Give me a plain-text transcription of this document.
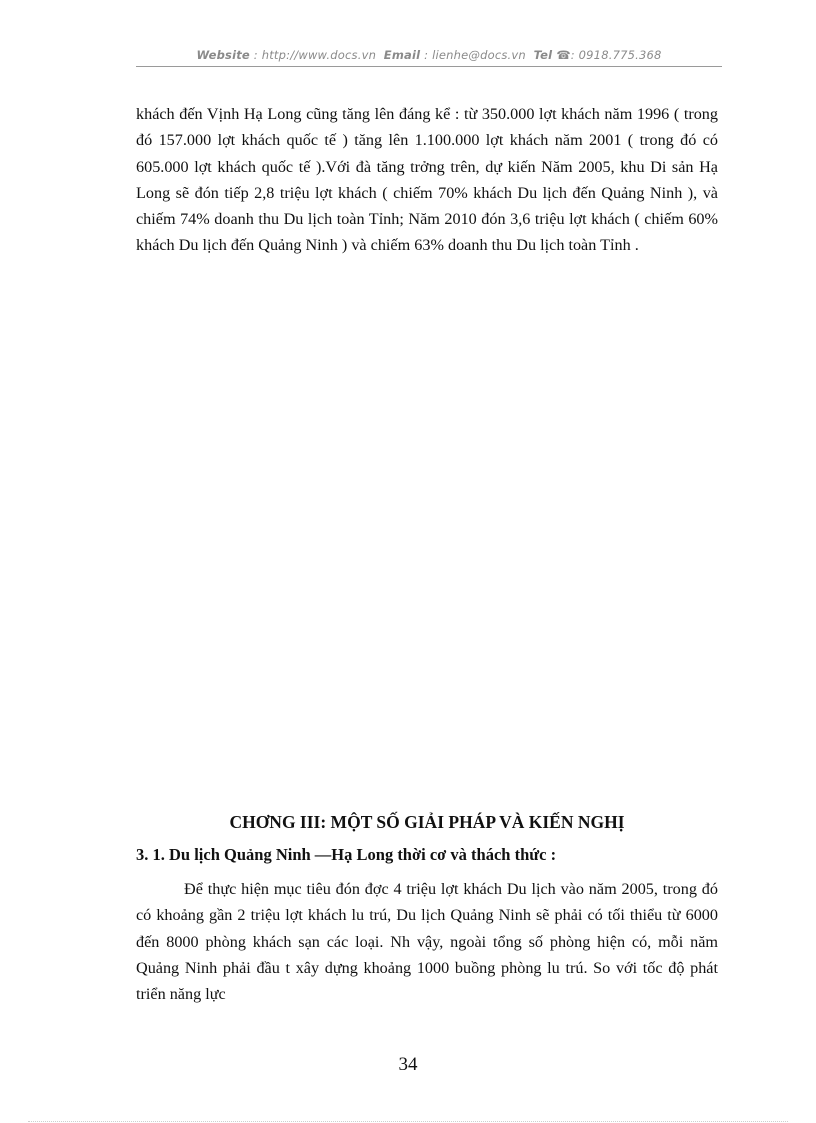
Website : http://www.docs.vn Email : lienhe@docs.vn Tel ☎: 0918.775.368

khách đến Vịnh Hạ Long cũng tăng lên đáng kể : từ 350.000 lợt khách năm 1996 ( trong đó 157.000 lợt khách quốc tế ) tăng lên 1.100.000 lợt khách năm 2001 ( trong đó có 605.000 lợt khách quốc tế ).Với đà tăng trởng trên, dự kiến Năm 2005, khu Di sản Hạ Long sẽ đón tiếp 2,8 triệu lợt khách ( chiếm 70% khách Du lịch đến Quảng Ninh ), và chiếm 74% doanh thu Du lịch toàn Tỉnh; Năm 2010 đón 3,6 triệu lợt khách ( chiếm 60% khách Du lịch đến Quảng Ninh ) và chiếm 63% doanh thu Du lịch toàn Tỉnh .

CHƠNG III: MỘT SỐ GIẢI PHÁP VÀ KIẾN NGHỊ
3. 1. Du lịch Quảng Ninh —Hạ Long thời cơ và thách thức :

Để thực hiện mục tiêu đón đợc 4 triệu lợt khách Du lịch vào năm 2005, trong đó có khoảng gần 2 triệu lợt khách lu trú, Du lịch Quảng Ninh sẽ phải có tối thiểu từ 6000 đến 8000 phòng khách sạn các loại. Nh vậy, ngoài tổng số phòng hiện có, mỗi năm Quảng Ninh phải đầu t xây dựng khoảng 1000 buồng phòng lu trú. So với tốc độ phát triển năng lực

34
